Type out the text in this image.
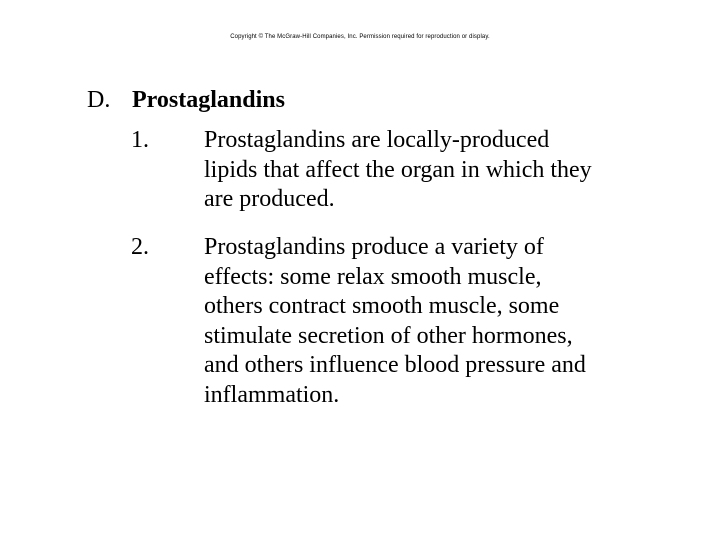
Copyright © The McGraw-Hill Companies, Inc. Permission required for reproduction or display.
D. Prostaglandins
1. Prostaglandins are locally-produced
lipids that affect the organ in which they
are produced.
2. Prostaglandins produce a variety of
effects: some relax smooth muscle,
others contract smooth muscle, some
stimulate secretion of other hormones,
and others influence blood pressure and
inflammation.
